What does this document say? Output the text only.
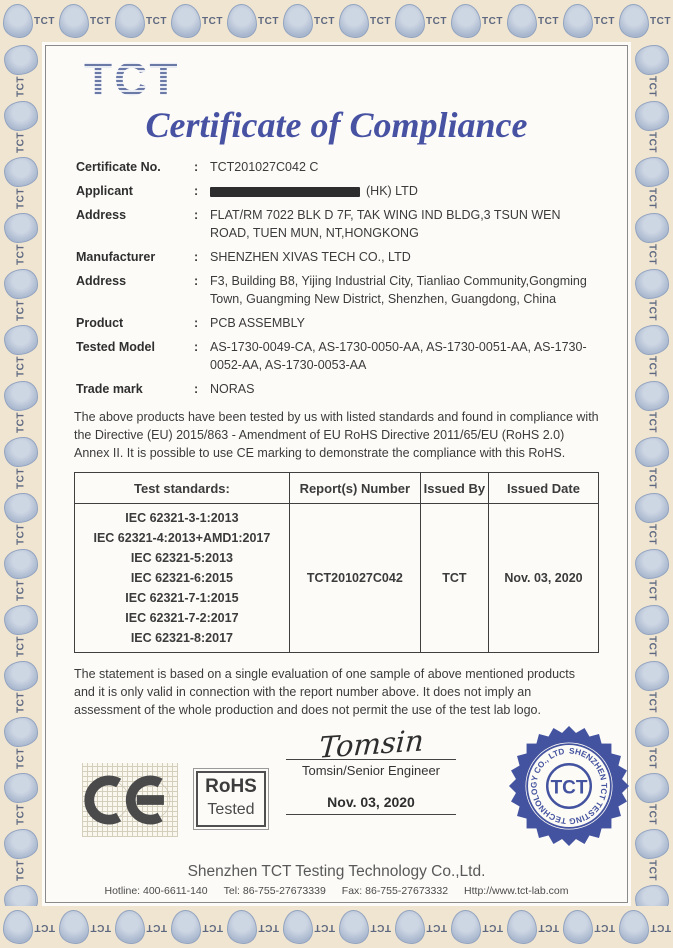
TCT	TCT	TCT	TCT	TCT	TCT	TCT	TCT	TCT	TCT	TCT	TCT
TCT	TCT	TCT	TCT	TCT	TCT	TCT	TCT	TCT	TCT	TCT	TCT
TCT
TCT
TCT
TCT
TCT
TCT
TCT
TCT
TCT
TCT
TCT
TCT
TCT
TCT
TCT
TCT
TCT
TCT
TCT
TCT
TCT
TCT
TCT
TCT
TCT
TCT
TCT
TCT
TCT
TCT
TCT
Certificate of Compliance
Certificate No.	: TCT201027C042 C
Applicant	:	(HK) LTD
Address	: FLAT/RM 7022 BLK D 7F, TAK WING IND BLDG,3 TSUN WEN ROAD, TUEN MUN, NT,HONGKONG
Manufacturer	: SHENZHEN XIVAS TECH CO., LTD
Address	: F3, Building B8, Yijing Industrial City, Tianliao Community,Gongming Town, Guangming New District, Shenzhen, Guangdong, China
Product	: PCB ASSEMBLY
Tested Model	: AS-1730-0049-CA, AS-1730-0050-AA, AS-1730-0051-AA, AS-1730-0052-AA, AS-1730-0053-AA
Trade mark	: NORAS

The above products have been tested by us with listed standards and found in compliance with the Directive (EU) 2015/863 - Amendment of EU RoHS Directive 2011/65/EU (RoHS 2.0) Annex II. It is possible to use CE marking to demonstrate the compliance with this RoHS.

Test standards:	Report(s) Number	Issued By	Issued Date

IEC 62321-3-1:2013
IEC 62321-4:2013+AMD1:2017
IEC 62321-5:2013
IEC 62321-6:2015
IEC 62321-7-1:2015
IEC 62321-7-2:2017
IEC 62321-8:2017
	TCT201027C042	TCT	Nov. 03, 2020

The statement is based on a single evaluation of one sample of above mentioned products and it is only valid in connection with the report number above. It does not imply an assessment of the whole production and does not permit the use of the test lab logo.

RoHS
Tested
Tomsin
Tomsin/Senior Engineer
Nov. 03, 2020
SHENZHEN TCT TESTING TECHNOLOGY CO., LTD
TCT
Shenzhen TCT Testing Technology Co.,Ltd.
Hotline: 400-6611-140 Tel: 86-755-27673339 Fax: 86-755-27673332 Http://www.tct-lab.com
